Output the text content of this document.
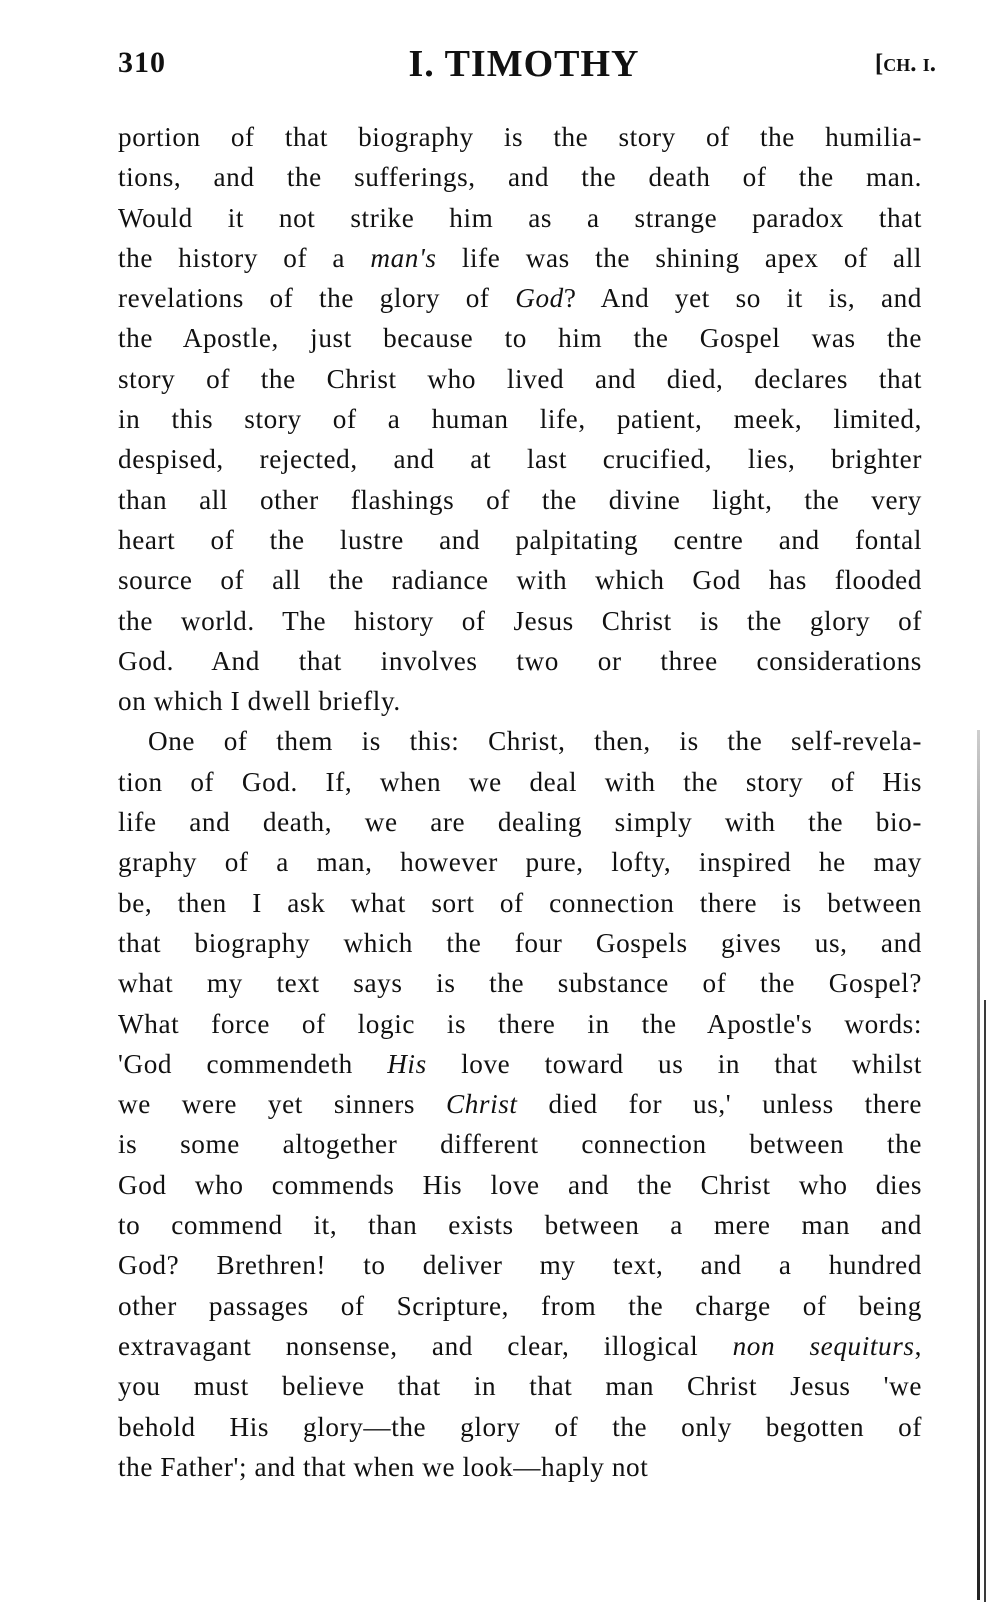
310	I. TIMOTHY	[ch. i.
portion of that biography is the story of the humilia-
tions, and the sufferings, and the death of the man.
Would it not strike him as a strange paradox that
the history of a man's life was the shining apex of all
revelations of the glory of God? And yet so it is, and
the Apostle, just because to him the Gospel was the
story of the Christ who lived and died, declares that
in this story of a human life, patient, meek, limited,
despised, rejected, and at last crucified, lies, brighter
than all other flashings of the divine light, the very
heart of the lustre and palpitating centre and fontal
source of all the radiance with which God has flooded
the world. The history of Jesus Christ is the glory of
God. And that involves two or three considerations
on which I dwell briefly.
One of them is this: Christ, then, is the self-revela-
tion of God. If, when we deal with the story of His
life and death, we are dealing simply with the bio-
graphy of a man, however pure, lofty, inspired he may
be, then I ask what sort of connection there is between
that biography which the four Gospels gives us, and
what my text says is the substance of the Gospel?
What force of logic is there in the Apostle's words:
'God commendeth His love toward us in that whilst
we were yet sinners Christ died for us,' unless there
is some altogether different connection between the
God who commends His love and the Christ who dies
to commend it, than exists between a mere man and
God? Brethren! to deliver my text, and a hundred
other passages of Scripture, from the charge of being
extravagant nonsense, and clear, illogical non sequiturs,
you must believe that in that man Christ Jesus 'we
behold His glory—the glory of the only begotten of
the Father'; and that when we look—haply not
